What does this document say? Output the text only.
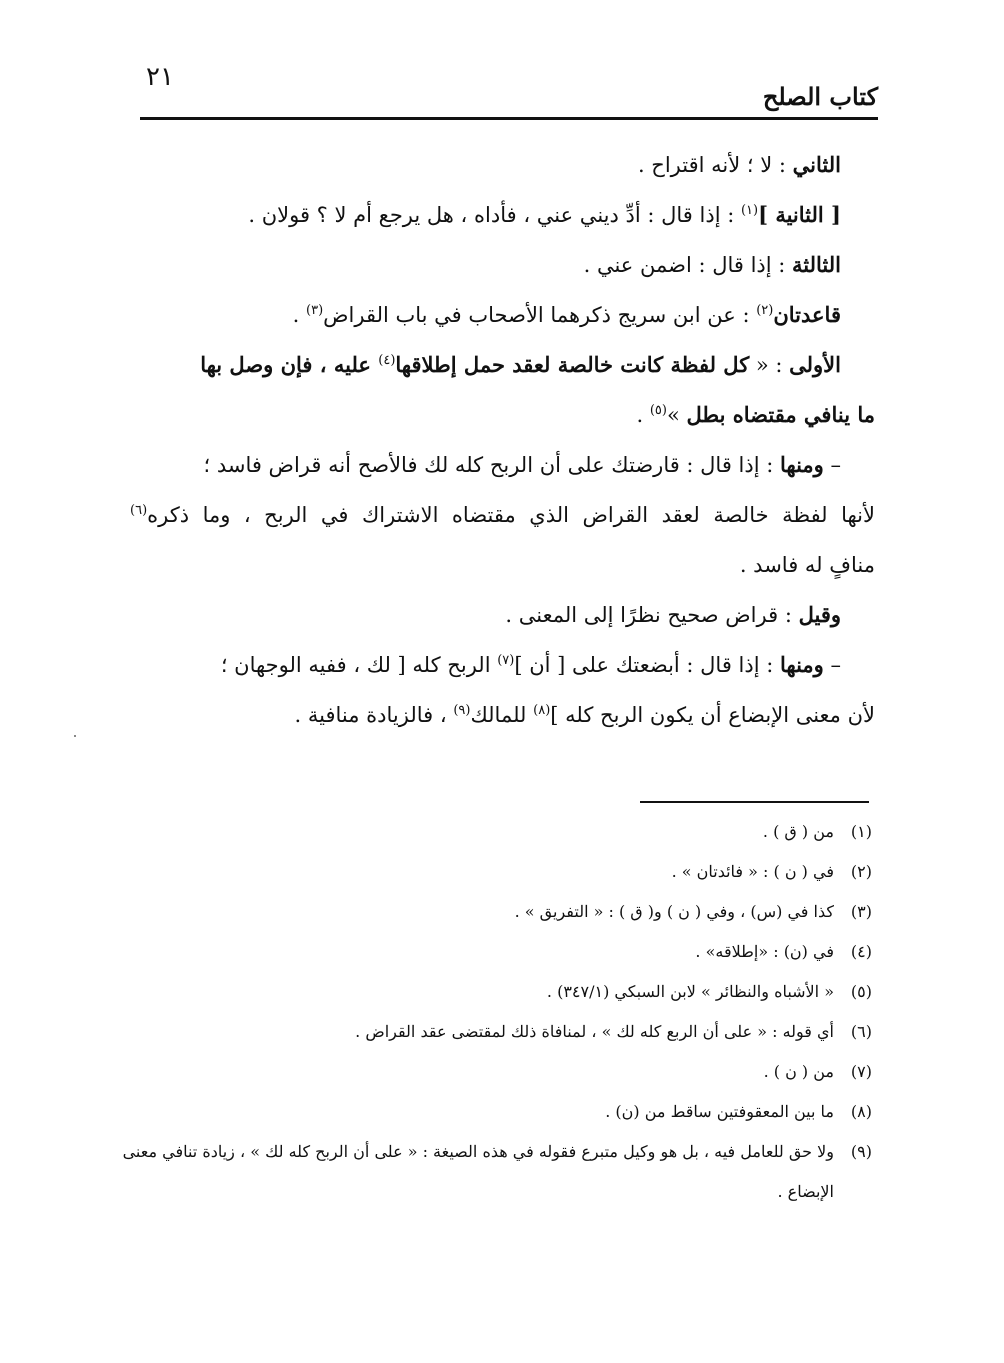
كتاب الصلح
٢١

الثاني : لا ؛ لأنه اقتراح .

[ الثانية ]$^{(١)}$ : إذا قال : أدِّ ديني عني ، فأداه ، هل يرجع أم لا ؟ قولان .

الثالثة : إذا قال : اضمن عني .

قاعدتان$^{(٢)}$ : عن ابن سريج ذكرهما الأصحاب في باب القراض$^{(٣)}$ .

الأولى : « كل لفظة كانت خالصة لعقد حمل إطلاقها$^{(٤)}$ عليه ، فإن وصل بها

ما ينافي مقتضاه بطل »$^{(٥)}$ .

– ومنها : إذا قال : قارضتك على أن الربح كله لك فالأصح أنه قراض فاسد ؛

لأنها لفظة خالصة لعقد القراض الذي مقتضاه الاشتراك في الربح ، وما ذكره$^{(٦)}$

منافٍ له فاسد .

وقيل : قراض صحيح نظرًا إلى المعنى .

– ومنها : إذا قال : أبضعتك على [ أن ]$^{(٧)}$ الربح كله [ لك ، ففيه الوجهان ؛

لأن معنى الإبضاع أن يكون الربح كله ]$^{(٨)}$ للمالك$^{(٩)}$ ، فالزيادة منافية .

(١)
من ( ق ) .
(٢)
في ( ن ) : « فائدتان » .
(٣)
كذا في (س) ، وفي ( ن ) و( ق ) : « التفريق » .
(٤)
في (ن) : «إطلاقه» .
(٥)
« الأشباه والنظائر » لابن السبكي (٣٤٧/١) .
(٦)
أي قوله : « على أن الربع كله لك » ، لمنافاة ذلك لمقتضى عقد القراض .
(٧)
من ( ن ) .
(٨)
ما بين المعقوفتين ساقط من (ن) .
(٩)
ولا حق للعامل فيه ، بل هو وكيل متبرع فقوله في هذه الصيغة : « على أن الربح كله لك » ، زيادة تنافي معنى الإبضاع .
